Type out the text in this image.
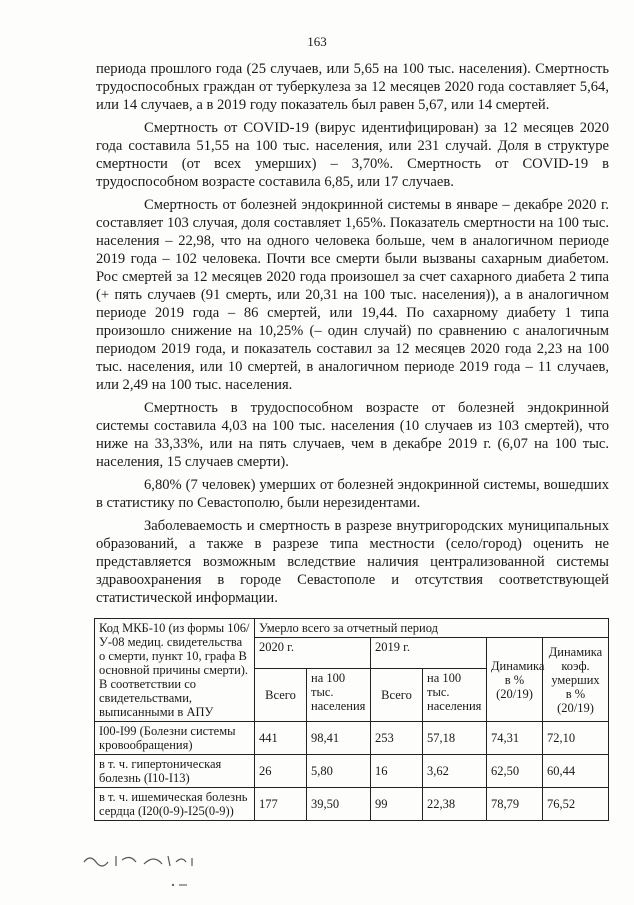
163

периода прошлого года (25 случаев, или 5,65 на 100 тыс. населения). Смертность трудоспособных граждан от туберкулеза за 12 месяцев 2020 года составляет 5,64, или 14 случаев, а в 2019 году показатель был равен 5,67, или 14 смертей.

Смертность от COVID-19 (вирус идентифицирован) за 12 месяцев 2020 года составила 51,55 на 100 тыс. населения, или 231 случай. Доля в структуре смертности (от всех умерших) – 3,70%. Смертность от COVID-19 в трудоспособном возрасте составила 6,85, или 17 случаев.

Смертность от болезней эндокринной системы в январе – декабре 2020 г. составляет 103 случая, доля составляет 1,65%. Показатель смертности на 100 тыс. населения – 22,98, что на одного человека больше, чем в аналогичном периоде 2019 года – 102 человека. Почти все смерти были вызваны сахарным диабетом. Рос смертей за 12 месяцев 2020 года произошел за счет сахарного диабета 2 типа (+ пять случаев (91 смерть, или 20,31 на 100 тыс. населения)), а в аналогичном периоде 2019 года – 86 смертей, или 19,44. По сахарному диабету 1 типа произошло снижение на 10,25% (– один случай) по сравнению с аналогичным периодом 2019 года, и показатель составил за 12 месяцев 2020 года 2,23 на 100 тыс. населения, или 10 смертей, в аналогичном периоде 2019 года – 11 случаев, или 2,49 на 100 тыс. населения.

Смертность в трудоспособном возрасте от болезней эндокринной системы составила 4,03 на 100 тыс. населения (10 случаев из 103 смертей), что ниже на 33,33%, или на пять случаев, чем в декабре 2019 г. (6,07 на 100 тыс. населения, 15 случаев смерти).

6,80% (7 человек) умерших от болезней эндокринной системы, вошедших в статистику по Севастополю, были нерезидентами.

Заболеваемость и смертность в разрезе внутригородских муниципальных образований, а также в разрезе типа местности (село/город) оценить не представляется возможным вследствие наличия централизованной системы здравоохранения в городе Севастополе и отсутствия соответствующей статистической информации.

Код МКБ-10 (из формы 106/У-08 медиц. свидетельства о смерти, пункт 10, графа В основной причины смерти). В соответствии со свидетельствами, выписанными в АПУ	Умерло всего за отчетный период					
	2020 г.		2019 г.		Динамика в % (20/19)	Динамика коэф. умерших в % (20/19)
	Всего	на 100 тыс. населения	Всего	на 100 тыс. населения		
I00-I99 (Болезни системы кровообращения)	441	98,41	253	57,18	74,31	72,10
в т. ч. гипертоническая болезнь (I10-I13)	26	5,80	16	3,62	62,50	60,44
в т. ч. ишемическая болезнь сердца (I20(0-9)-I25(0-9))	177	39,50	99	22,38	78,79	76,52
